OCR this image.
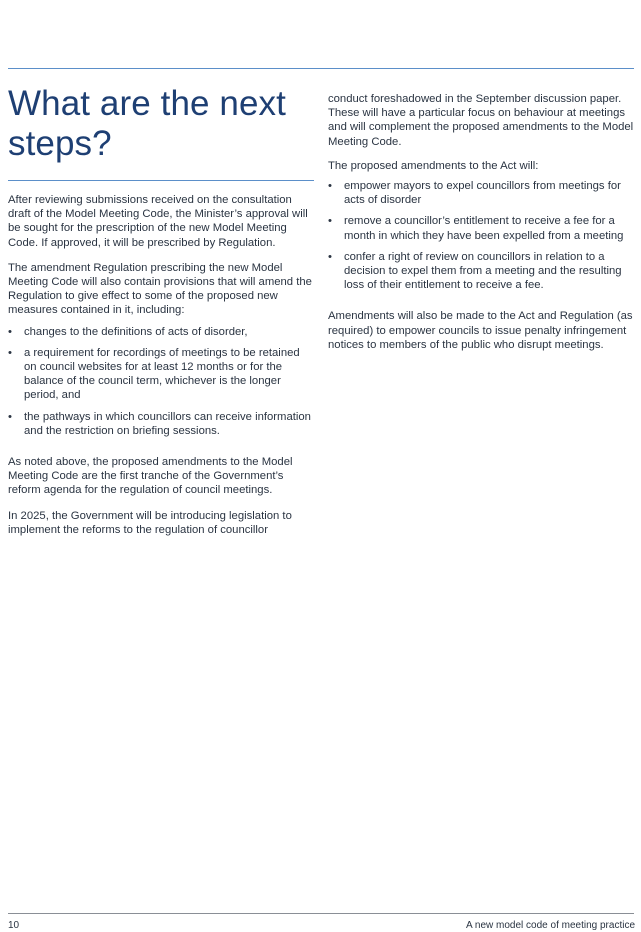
What are the next steps?

After reviewing submissions received on the consultation draft of the Model Meeting Code, the Minister’s approval will be sought for the prescription of the new Model Meeting Code. If approved, it will be prescribed by Regulation.

The amendment Regulation prescribing the new Model Meeting Code will also contain provisions that will amend the Regulation to give effect to some of the proposed new measures contained in it, including:

• changes to the definitions of acts of disorder,
• a requirement for recordings of meetings to be retained on council websites for at least 12 months or for the balance of the council term, whichever is the longer period, and
• the pathways in which councillors can receive information and the restriction on briefing sessions.

As noted above, the proposed amendments to the Model Meeting Code are the first tranche of the Government’s reform agenda for the regulation of council meetings.

In 2025, the Government will be introducing legislation to implement the reforms to the regulation of councillor

conduct foreshadowed in the September discussion paper. These will have a particular focus on behaviour at meetings and will complement the proposed amendments to the Model Meeting Code.

The proposed amendments to the Act will:

• empower mayors to expel councillors from meetings for acts of disorder
• remove a councillor’s entitlement to receive a fee for a month in which they have been expelled from a meeting
• confer a right of review on councillors in relation to a decision to expel them from a meeting and the resulting loss of their entitlement to receive a fee.

Amendments will also be made to the Act and Regulation (as required) to empower councils to issue penalty infringement notices to members of the public who disrupt meetings.

10	A new model code of meeting practice
